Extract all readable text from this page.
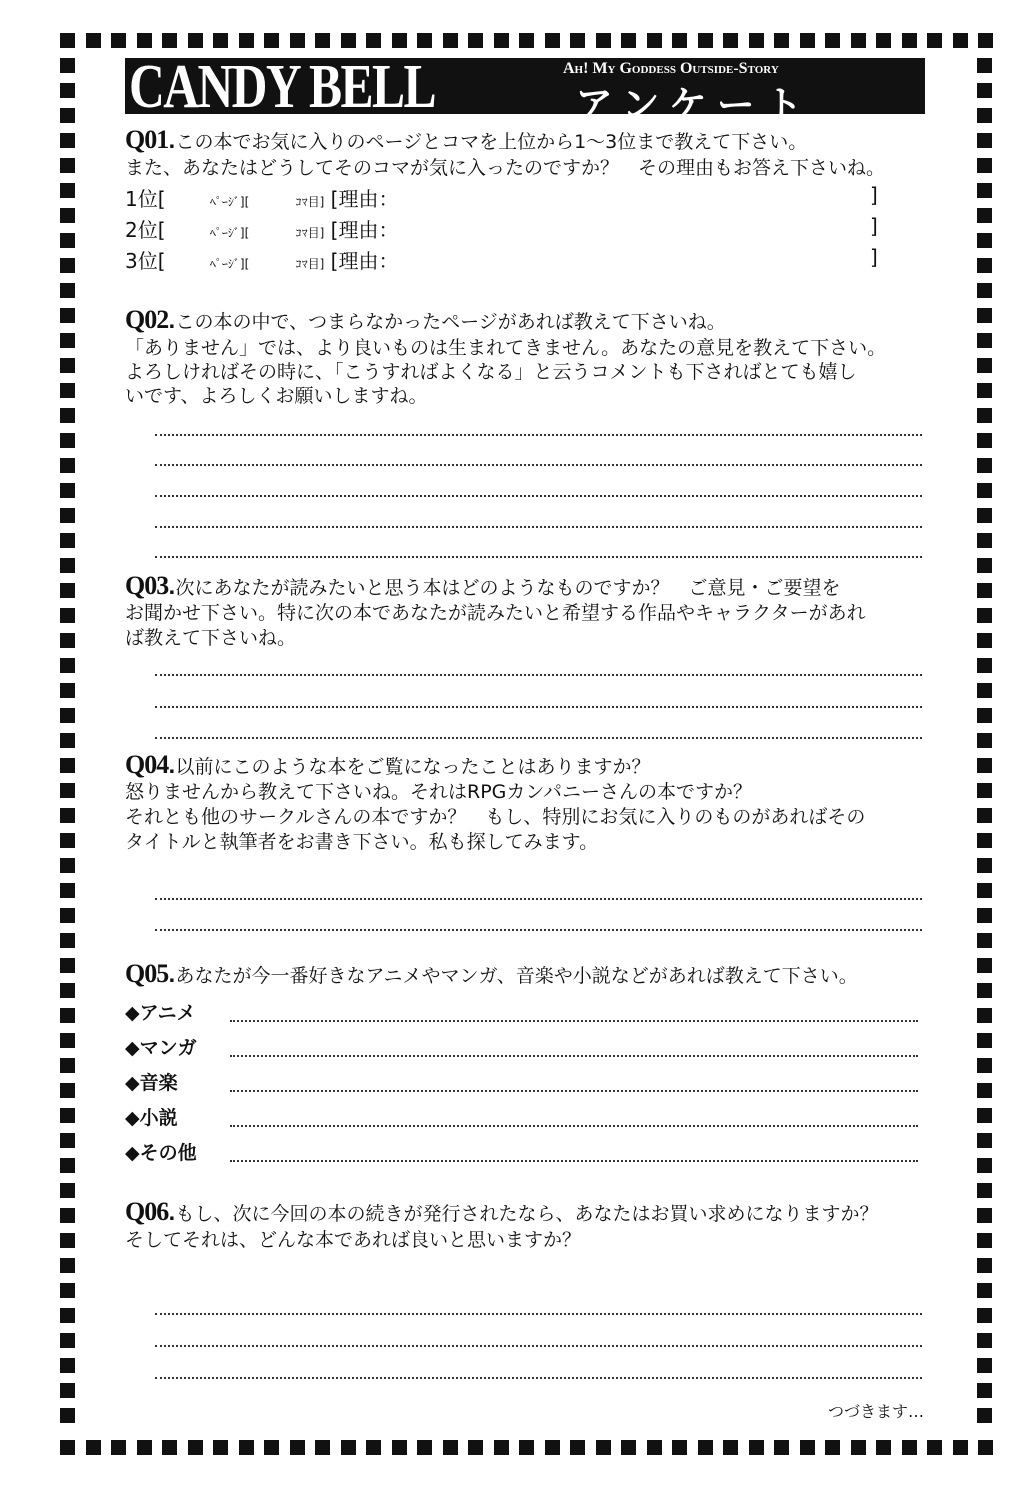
CANDY BELL	Ah! My Goddess Outside-Story
アンケート
Q01.この本でお気に入りのページとコマを上位から1～3位まで教えて下さい。
また、あなたはどうしてそのコマが気に入ったのですか？　その理由もお答え下さいね。
1位[	ﾍﾟｰｼﾞ][	ｺﾏ目] [理由：	]
2位[	ﾍﾟｰｼﾞ][	ｺﾏ目] [理由：	]
3位[	ﾍﾟｰｼﾞ][	ｺﾏ目] [理由：	]
Q02.この本の中で、つまらなかったページがあれば教えて下さいね。
「ありません」では、より良いものは生まれてきません。あなたの意見を教えて下さい。
よろしければその時に、「こうすればよくなる」と云うコメントも下さればとても嬉し
いです、よろしくお願いしますね。
Q03.次にあなたが読みたいと思う本はどのようなものですか？　ご意見・ご要望を
お聞かせ下さい。特に次の本であなたが読みたいと希望する作品やキャラクターがあれ
ば教えて下さいね。
Q04.以前にこのような本をご覧になったことはありますか？
怒りませんから教えて下さいね。それはRPGカンパニーさんの本ですか？
それとも他のサークルさんの本ですか？　もし、特別にお気に入りのものがあればその
タイトルと執筆者をお書き下さい。私も探してみます。
Q05.あなたが今一番好きなアニメやマンガ、音楽や小説などがあれば教えて下さい。
◆アニメ
◆マンガ
◆音楽
◆小説
◆その他
Q06.もし、次に今回の本の続きが発行されたなら、あなたはお買い求めになりますか？
そしてそれは、どんな本であれば良いと思いますか？
つづきます…
